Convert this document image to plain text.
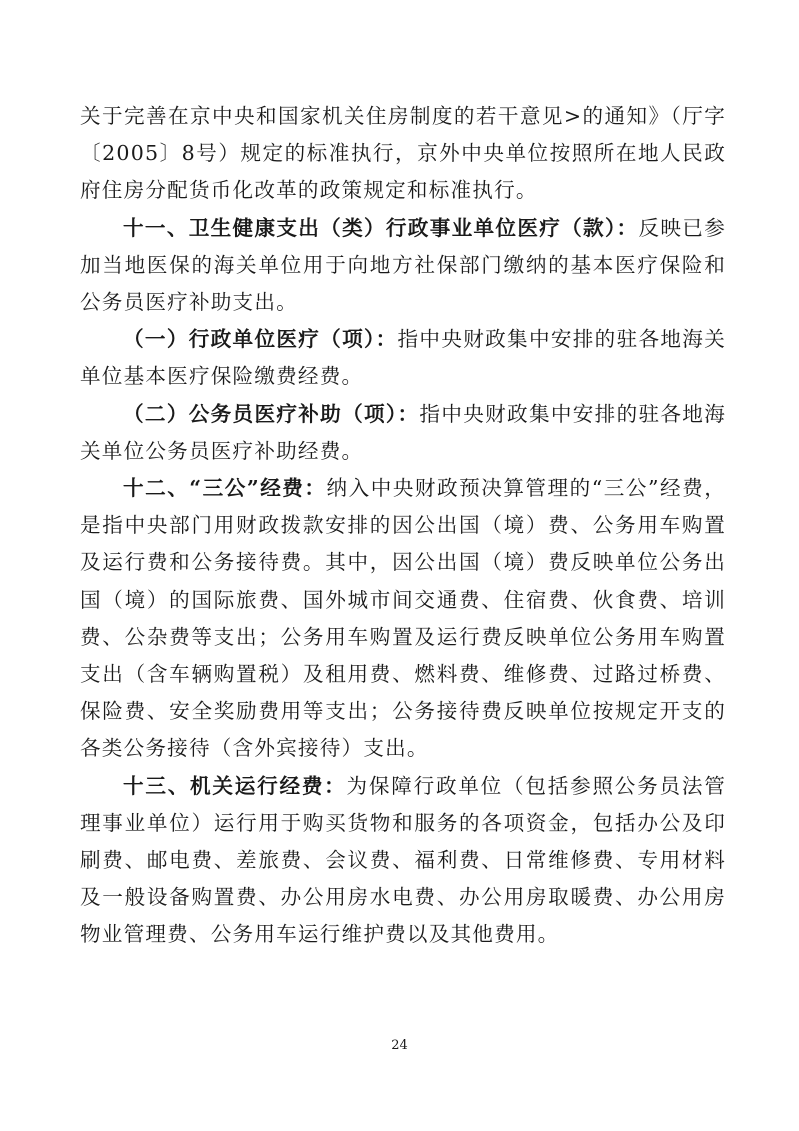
关于完善在京中央和国家机关住房制度的若干意见>的通知》（厅字〔2005〕8号）规定的标准执行，京外中央单位按照所在地人民政府住房分配货币化改革的政策规定和标准执行。

十一、卫生健康支出（类）行政事业单位医疗（款）：反映已参加当地医保的海关单位用于向地方社保部门缴纳的基本医疗保险和公务员医疗补助支出。

（一）行政单位医疗（项）：指中央财政集中安排的驻各地海关单位基本医疗保险缴费经费。

（二）公务员医疗补助（项）：指中央财政集中安排的驻各地海关单位公务员医疗补助经费。

十二、“三公”经费：纳入中央财政预决算管理的“三公”经费，是指中央部门用财政拨款安排的因公出国（境）费、公务用车购置及运行费和公务接待费。其中，因公出国（境）费反映单位公务出国（境）的国际旅费、国外城市间交通费、住宿费、伙食费、培训费、公杂费等支出；公务用车购置及运行费反映单位公务用车购置支出（含车辆购置税）及租用费、燃料费、维修费、过路过桥费、保险费、安全奖励费用等支出；公务接待费反映单位按规定开支的各类公务接待（含外宾接待）支出。

十三、机关运行经费：为保障行政单位（包括参照公务员法管理事业单位）运行用于购买货物和服务的各项资金，包括办公及印刷费、邮电费、差旅费、会议费、福利费、日常维修费、专用材料及一般设备购置费、办公用房水电费、办公用房取暖费、办公用房物业管理费、公务用车运行维护费以及其他费用。

24
